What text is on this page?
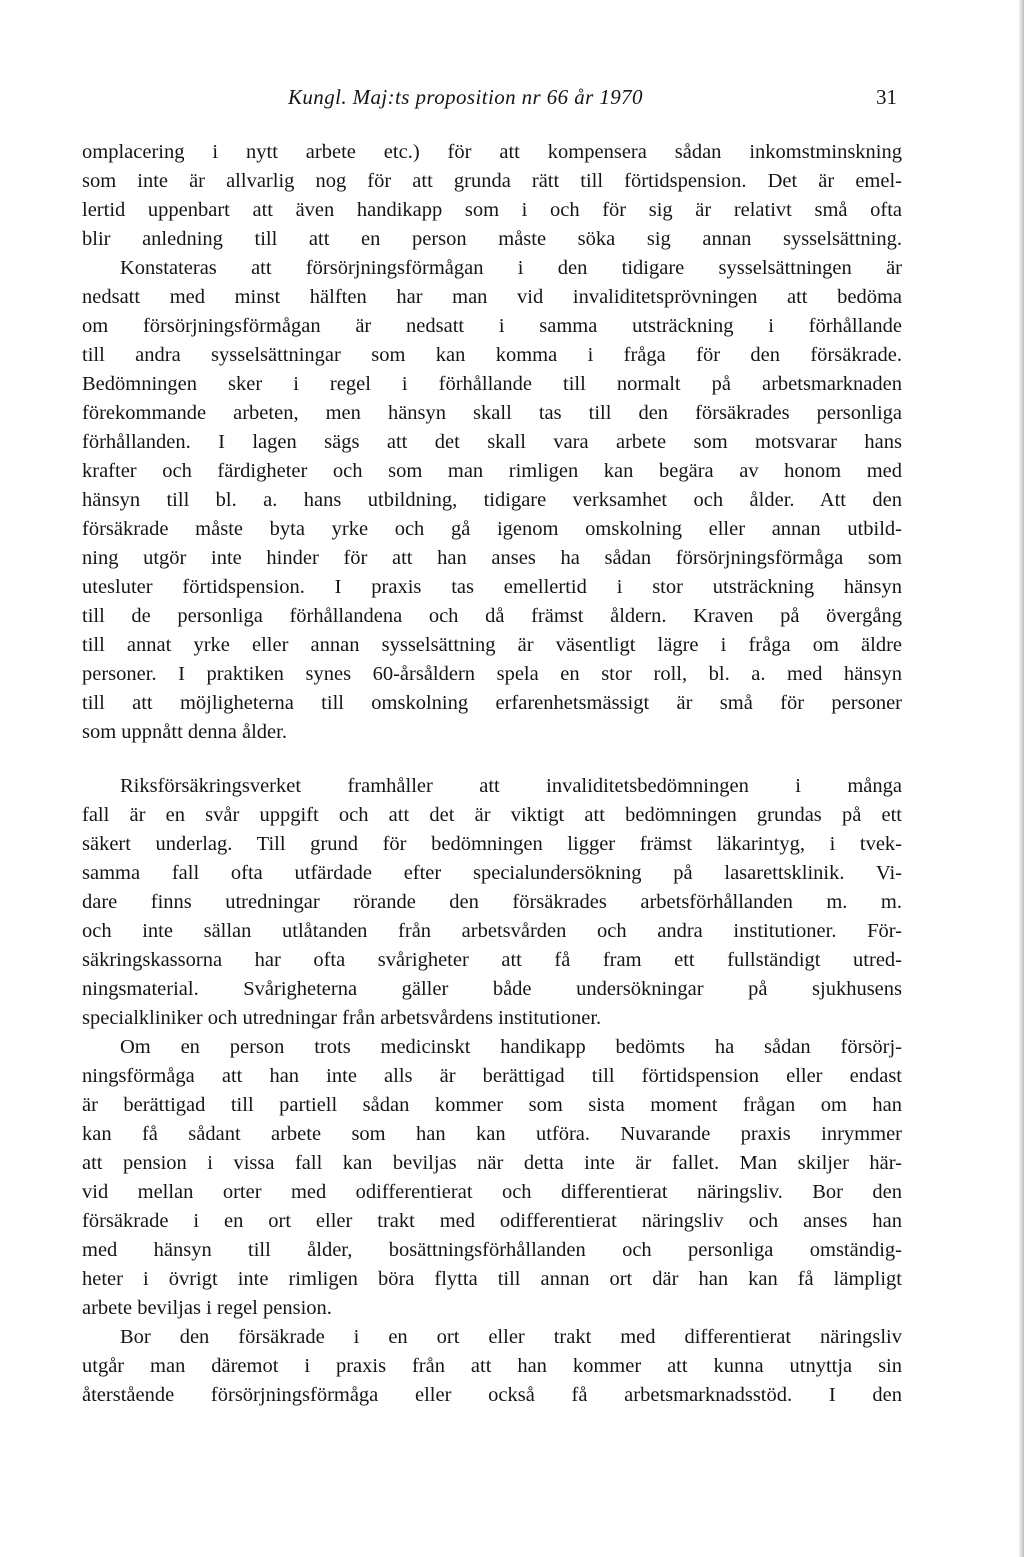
Kungl. Maj:ts proposition nr 66 år 1970	31
omplacering i nytt arbete etc.) för att kompensera sådan inkomstminskning
som inte är allvarlig nog för att grunda rätt till förtidspension. Det är emel-
lertid uppenbart att även handikapp som i och för sig är relativt små ofta
blir anledning till att en person måste söka sig annan sysselsättning.
Konstateras att försörjningsförmågan i den tidigare sysselsättningen är
nedsatt med minst hälften har man vid invaliditetsprövningen att bedöma
om försörjningsförmågan är nedsatt i samma utsträckning i förhållande
till andra sysselsättningar som kan komma i fråga för den försäkrade.
Bedömningen sker i regel i förhållande till normalt på arbetsmarknaden
förekommande arbeten, men hänsyn skall tas till den försäkrades personliga
förhållanden. I lagen sägs att det skall vara arbete som motsvarar hans
krafter och färdigheter och som man rimligen kan begära av honom med
hänsyn till bl. a. hans utbildning, tidigare verksamhet och ålder. Att den
försäkrade måste byta yrke och gå igenom omskolning eller annan utbild-
ning utgör inte hinder för att han anses ha sådan försörjningsförmåga som
utesluter förtidspension. I praxis tas emellertid i stor utsträckning hänsyn
till de personliga förhållandena och då främst åldern. Kraven på övergång
till annat yrke eller annan sysselsättning är väsentligt lägre i fråga om äldre
personer. I praktiken synes 60-årsåldern spela en stor roll, bl. a. med hänsyn
till att möjligheterna till omskolning erfarenhetsmässigt är små för personer
som uppnått denna ålder.
Riksförsäkringsverket framhåller att invaliditetsbedömningen i många
fall är en svår uppgift och att det är viktigt att bedömningen grundas på ett
säkert underlag. Till grund för bedömningen ligger främst läkarintyg, i tvek-
samma fall ofta utfärdade efter specialundersökning på lasarettsklinik. Vi-
dare finns utredningar rörande den försäkrades arbetsförhållanden m. m.
och inte sällan utlåtanden från arbetsvården och andra institutioner. För-
säkringskassorna har ofta svårigheter att få fram ett fullständigt utred-
ningsmaterial. Svårigheterna gäller både undersökningar på sjukhusens
specialkliniker och utredningar från arbetsvårdens institutioner.
Om en person trots medicinskt handikapp bedömts ha sådan försörj-
ningsförmåga att han inte alls är berättigad till förtidspension eller endast
är berättigad till partiell sådan kommer som sista moment frågan om han
kan få sådant arbete som han kan utföra. Nuvarande praxis inrymmer
att pension i vissa fall kan beviljas när detta inte är fallet. Man skiljer här-
vid mellan orter med odifferentierat och differentierat näringsliv. Bor den
försäkrade i en ort eller trakt med odifferentierat näringsliv och anses han
med hänsyn till ålder, bosättningsförhållanden och personliga omständig-
heter i övrigt inte rimligen böra flytta till annan ort där han kan få lämpligt
arbete beviljas i regel pension.
Bor den försäkrade i en ort eller trakt med differentierat näringsliv
utgår man däremot i praxis från att han kommer att kunna utnyttja sin
återstående försörjningsförmåga eller också få arbetsmarknadsstöd. I den
